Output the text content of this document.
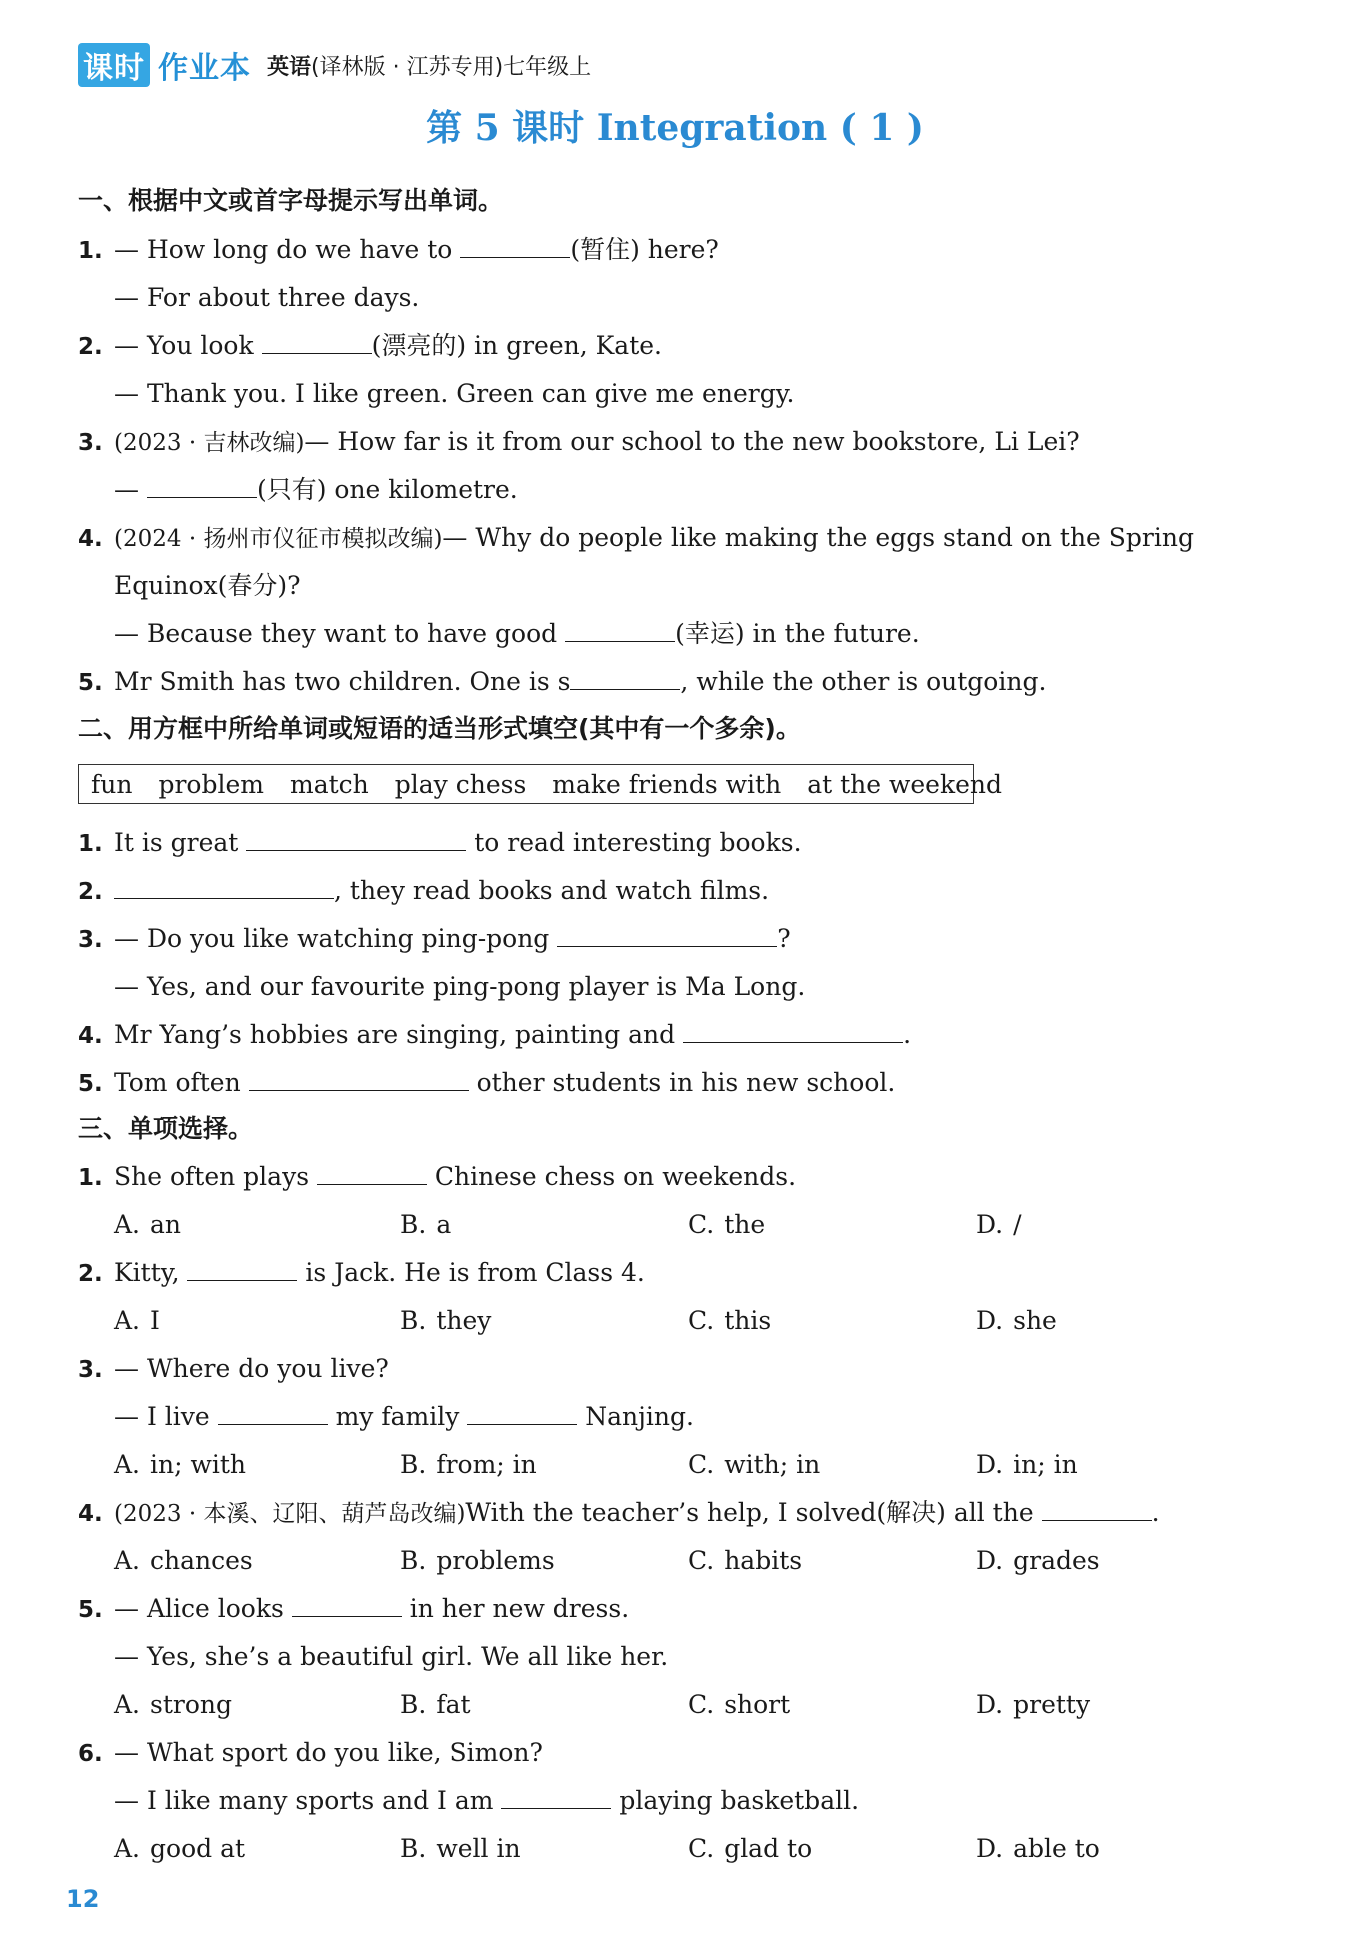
课时 作业本 英语(译林版 · 江苏专用)七年级上
第 5 课时 Integration ( 1 )
一、根据中文或首字母提示写出单词。
1. — How long do we have to	(暂住) here?
— For about three days.
2. — You look	(漂亮的) in green, Kate.
— Thank you. I like green. Green can give me energy.
3. (2023 · 吉林改编)— How far is it from our school to the new bookstore, Li Lei?
—	(只有) one kilometre.
4. (2024 · 扬州市仪征市模拟改编)— Why do people like making the eggs stand on the Spring
Equinox(春分)?
— Because they want to have good	(幸运) in the future.
5. Mr Smith has two children. One is s	, while the other is outgoing.
二、用方框中所给单词或短语的适当形式填空(其中有一个多余)。
fun problem match play chess make friends with at the weekend
1. It is great	to read interesting books.
2.	, they read books and watch films.
3. — Do you like watching ping-pong	?
— Yes, and our favourite ping-pong player is Ma Long.
4. Mr Yang’s hobbies are singing, painting and	.
5. Tom often	other students in his new school.
三、单项选择。
1. She often plays	Chinese chess on weekends.
A. an	B. a	C. the	D. /
2. Kitty,	is Jack. He is from Class 4.
A. I	B. they	C. this	D. she
3. — Where do you live?
— I live	my family	Nanjing.
A. in; with	B. from; in	C. with; in	D. in; in
4. (2023 · 本溪、辽阳、葫芦岛改编)With the teacher’s help, I solved(解决) all the	.
A. chances	B. problems	C. habits	D. grades
5. — Alice looks	in her new dress.
— Yes, she’s a beautiful girl. We all like her.
A. strong	B. fat	C. short	D. pretty
6. — What sport do you like, Simon?
— I like many sports and I am	playing basketball.
A. good at	B. well in	C. glad to	D. able to
12
